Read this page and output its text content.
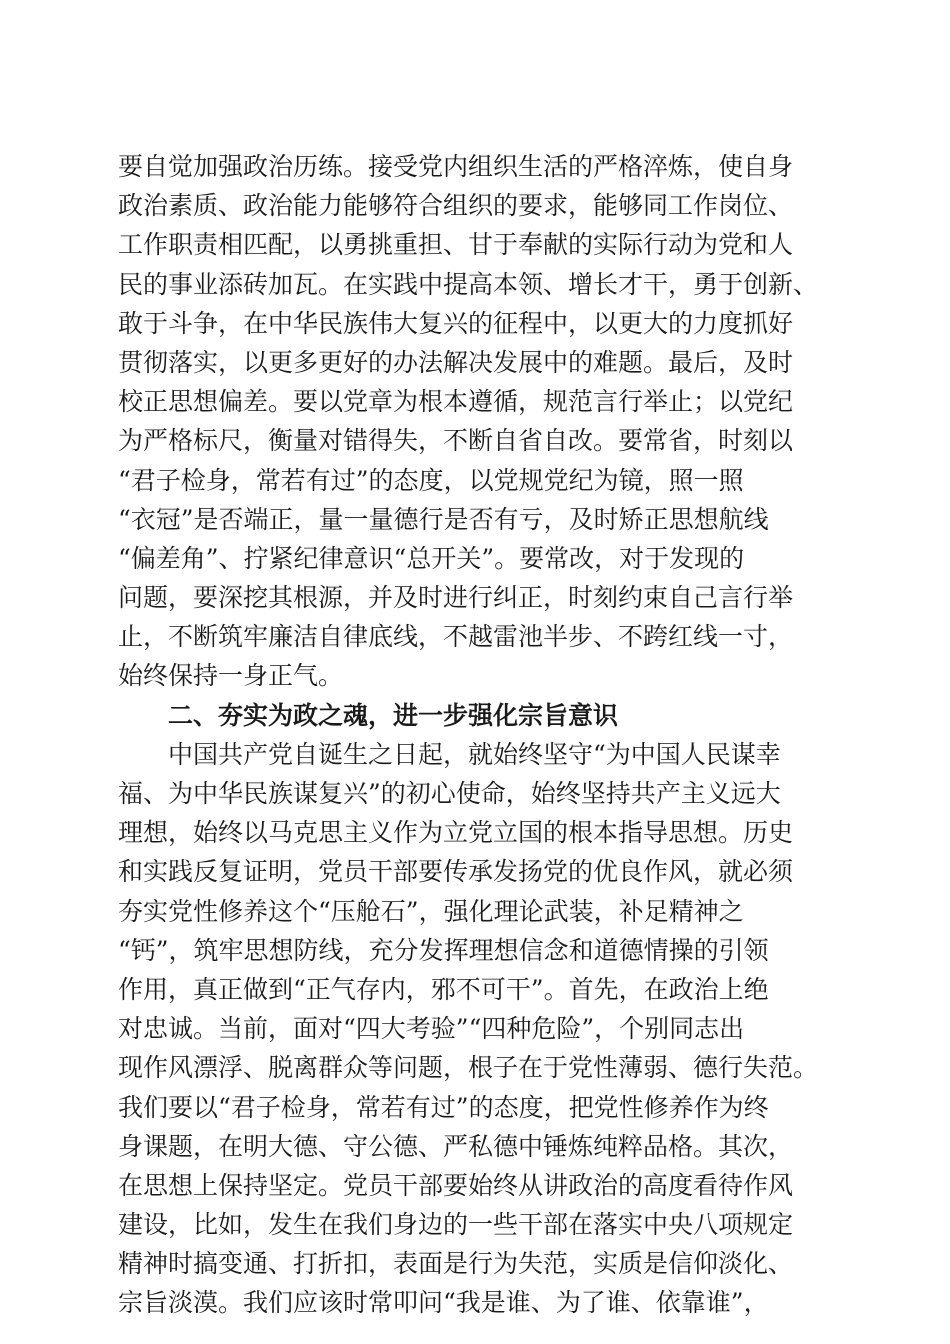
要自觉加强政治历练。接受党内组织生活的严格淬炼，使自身
政治素质、政治能力能够符合组织的要求，能够同工作岗位、
工作职责相匹配，以勇挑重担、甘于奉献的实际行动为党和人
民的事业添砖加瓦。在实践中提高本领、增长才干，勇于创新、
敢于斗争，在中华民族伟大复兴的征程中，以更大的力度抓好
贯彻落实，以更多更好的办法解决发展中的难题。最后，及时
校正思想偏差。要以党章为根本遵循，规范言行举止；以党纪
为严格标尺，衡量对错得失，不断自省自改。要常省，时刻以
“君子检身，常若有过”的态度，以党规党纪为镜，照一照
“衣冠”是否端正，量一量德行是否有亏，及时矫正思想航线
“偏差角”、拧紧纪律意识“总开关”。要常改，对于发现的
问题，要深挖其根源，并及时进行纠正，时刻约束自己言行举
止，不断筑牢廉洁自律底线，不越雷池半步、不跨红线一寸，
始终保持一身正气。
二、夯实为政之魂，进一步强化宗旨意识
中国共产党自诞生之日起，就始终坚守“为中国人民谋幸
福、为中华民族谋复兴”的初心使命，始终坚持共产主义远大
理想，始终以马克思主义作为立党立国的根本指导思想。历史
和实践反复证明，党员干部要传承发扬党的优良作风，就必须
夯实党性修养这个“压舱石”，强化理论武装，补足精神之
“钙”，筑牢思想防线，充分发挥理想信念和道德情操的引领
作用，真正做到“正气存内，邪不可干”。首先，在政治上绝
对忠诚。当前，面对“四大考验”“四种危险”，个别同志出
现作风漂浮、脱离群众等问题，根子在于党性薄弱、德行失范。
我们要以“君子检身，常若有过”的态度，把党性修养作为终
身课题，在明大德、守公德、严私德中锤炼纯粹品格。其次，
在思想上保持坚定。党员干部要始终从讲政治的高度看待作风
建设，比如，发生在我们身边的一些干部在落实中央八项规定
精神时搞变通、打折扣，表面是行为失范，实质是信仰淡化、
宗旨淡漠。我们应该时常叩问“我是谁、为了谁、依靠谁”，
